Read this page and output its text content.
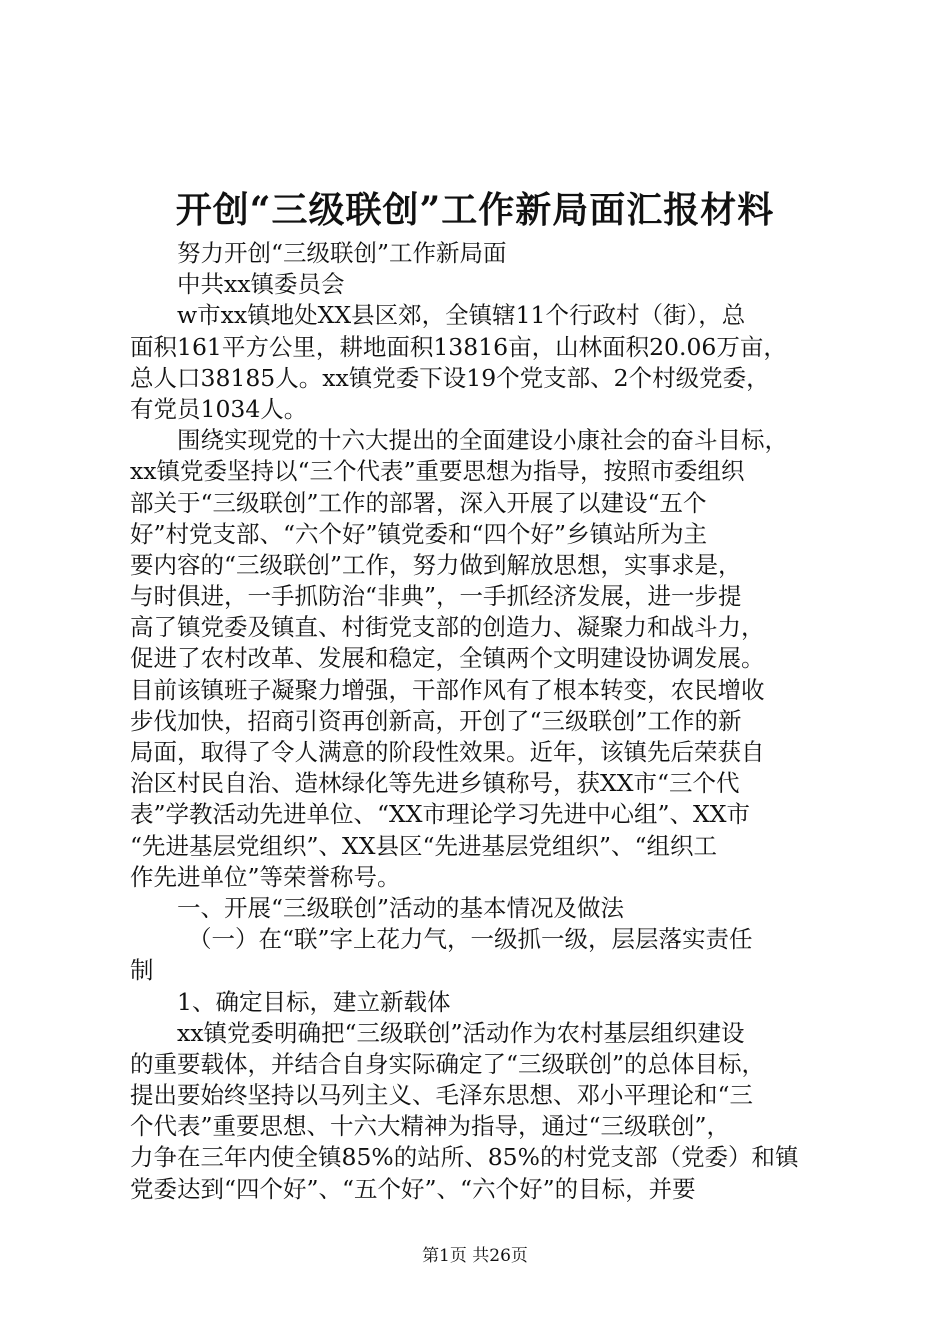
开创“三级联创”工作新局面汇报材料
努力开创“三级联创”工作新局面
中共xx镇委员会
w市xx镇地处XX县区郊，全镇辖11个行政村（街），总
面积161平方公里，耕地面积13816亩，山林面积20.06万亩，
总人口38185人。xx镇党委下设19个党支部、2个村级党委，
有党员1034人。
围绕实现党的十六大提出的全面建设小康社会的奋斗目标，
xx镇党委坚持以“三个代表”重要思想为指导，按照市委组织
部关于“三级联创”工作的部署，深入开展了以建设“五个
好”村党支部、“六个好”镇党委和“四个好”乡镇站所为主
要内容的“三级联创”工作，努力做到解放思想，实事求是，
与时俱进，一手抓防治“非典”，一手抓经济发展，进一步提
高了镇党委及镇直、村街党支部的创造力、凝聚力和战斗力，
促进了农村改革、发展和稳定，全镇两个文明建设协调发展。
目前该镇班子凝聚力增强，干部作风有了根本转变，农民增收
步伐加快，招商引资再创新高，开创了“三级联创”工作的新
局面，取得了令人满意的阶段性效果。近年，该镇先后荣获自
治区村民自治、造林绿化等先进乡镇称号，获XX市“三个代
表”学教活动先进单位、“XX市理论学习先进中心组”、XX市
“先进基层党组织”、XX县区“先进基层党组织”、“组织工
作先进单位”等荣誉称号。
一、开展“三级联创”活动的基本情况及做法
（一）在“联”字上花力气，一级抓一级，层层落实责任
制
1、确定目标，建立新载体
xx镇党委明确把“三级联创”活动作为农村基层组织建设
的重要载体，并结合自身实际确定了“三级联创”的总体目标，
提出要始终坚持以马列主义、毛泽东思想、邓小平理论和“三
个代表”重要思想、十六大精神为指导，通过“三级联创”，
力争在三年内使全镇85%的站所、85%的村党支部（党委）和镇
党委达到“四个好”、“五个好”、“六个好”的目标，并要
第1页 共26页
